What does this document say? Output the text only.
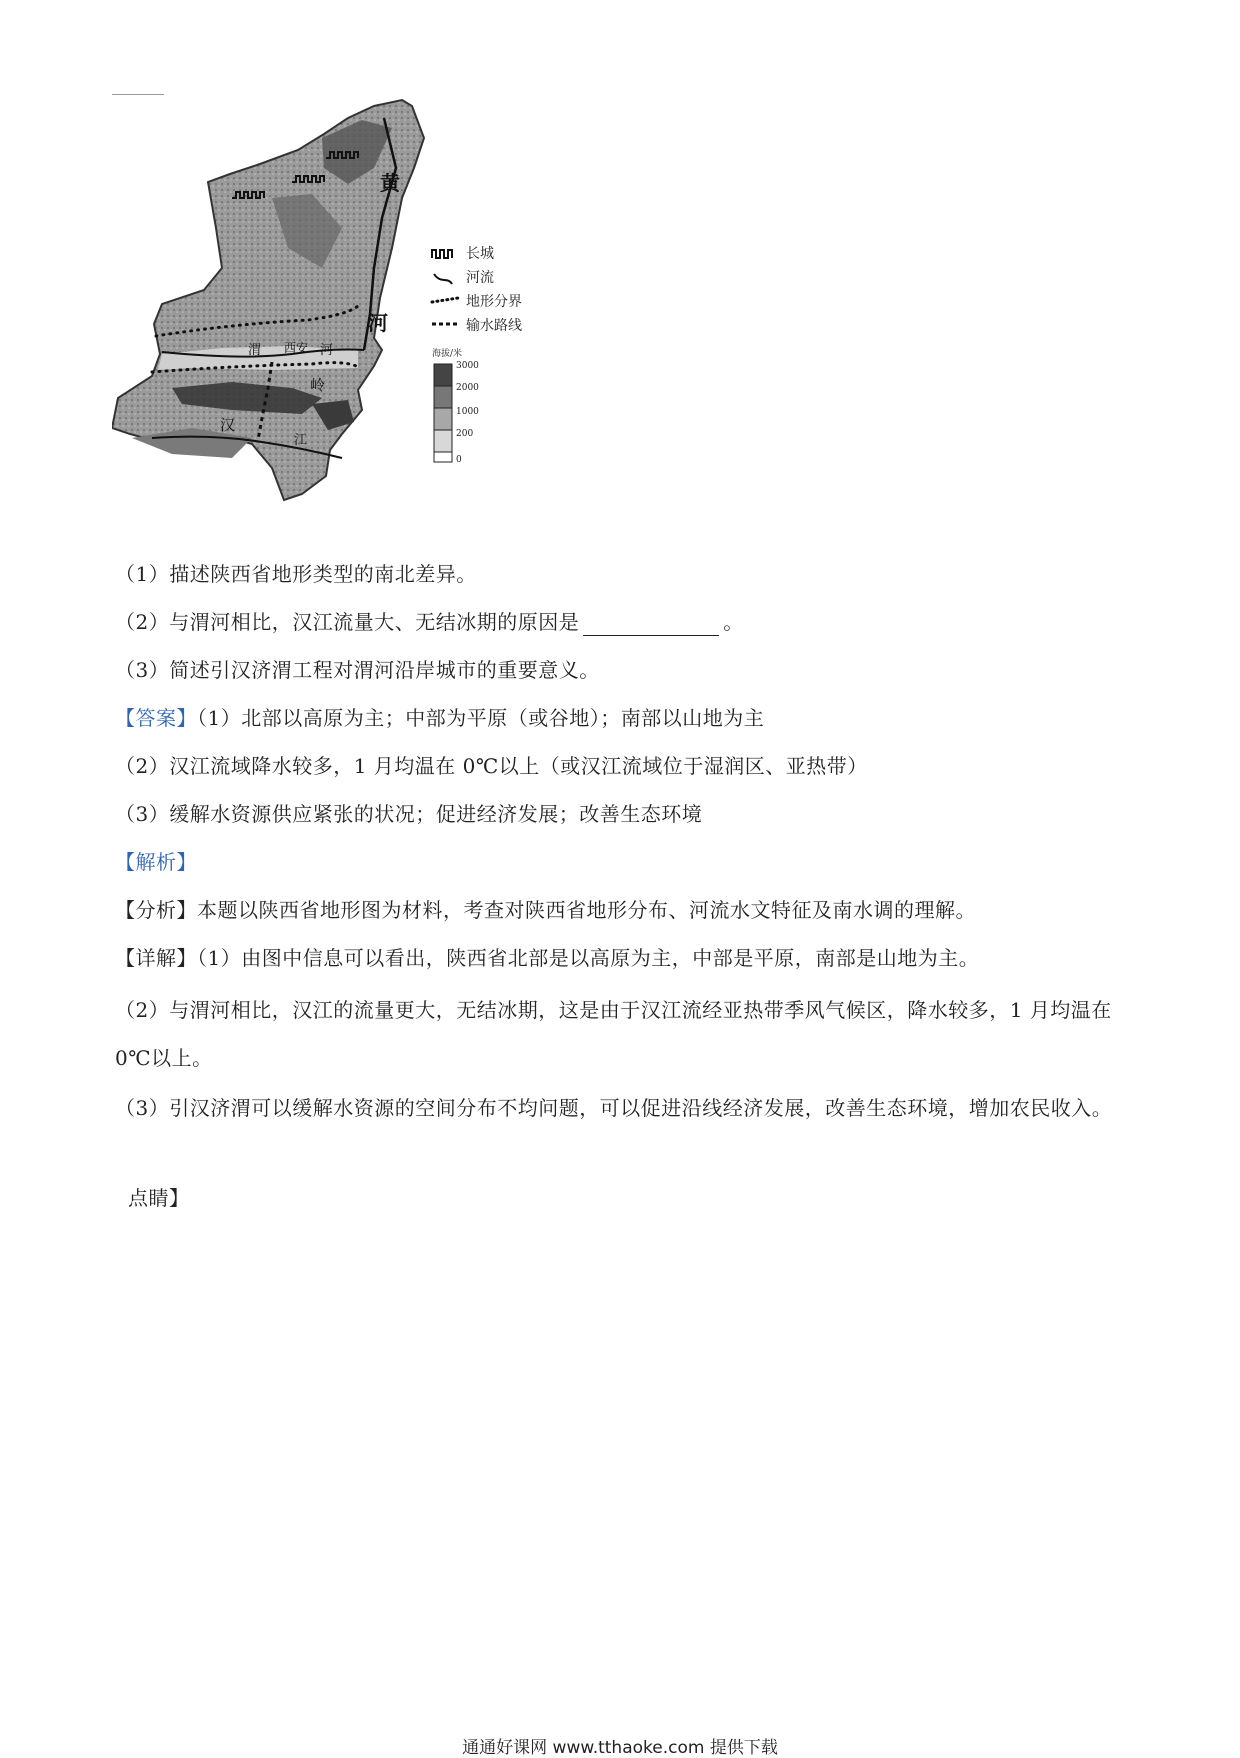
黄
河
渭 西安 河
岭
汉
江
长城
河流
地形分界
输水路线
海拔/米
3000
2000
1000
200
0
（1）描述陕西省地形类型的南北差异。
（2）与渭河相比，汉江流量大、无结冰期的原因是	。
（3）简述引汉济渭工程对渭河沿岸城市的重要意义。
【答案】（1）北部以高原为主；中部为平原（或谷地）；南部以山地为主
（2）汉江流域降水较多，1 月均温在 0℃以上（或汉江流域位于湿润区、亚热带）
（3）缓解水资源供应紧张的状况；促进经济发展；改善生态环境
【解析】
【分析】本题以陕西省地形图为材料，考查对陕西省地形分布、河流水文特征及南水调的理解。
【详解】（1）由图中信息可以看出，陕西省北部是以高原为主，中部是平原，南部是山地为主。
（2）与渭河相比，汉江的流量更大，无结冰期，这是由于汉江流经亚热带季风气候区，降水较多，1 月均温在 0℃以上。
（3）引汉济渭可以缓解水资源的空间分布不均问题，可以促进沿线经济发展，改善生态环境，增加农民收入。
点睛】
通通好课网 www.tthaoke.com 提供下载
